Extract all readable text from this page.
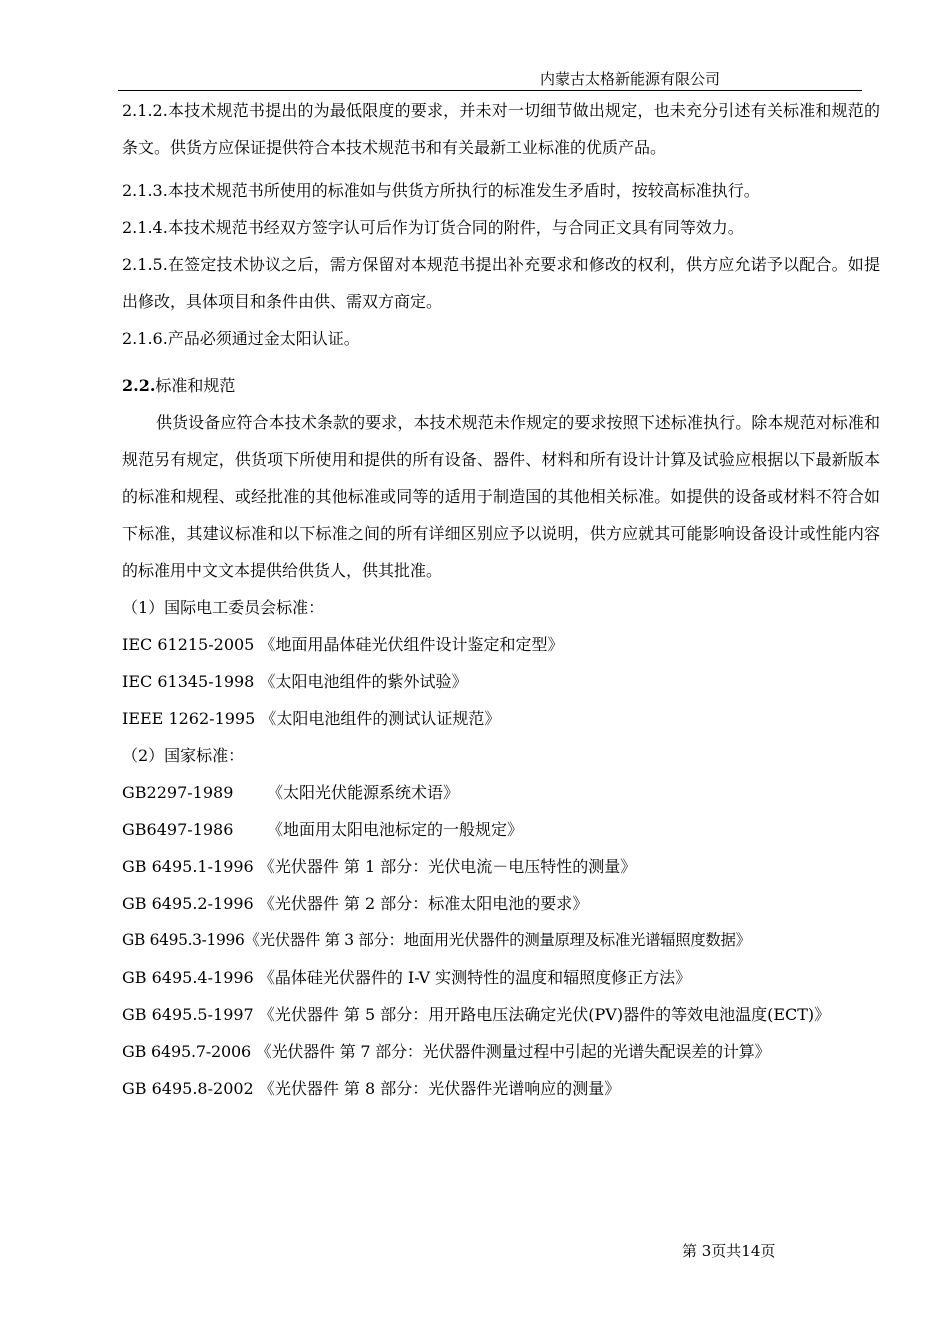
内蒙古太格新能源有限公司

2.1.2.本技术规范书提出的为最低限度的要求，并未对一切细节做出规定，也未充分引述有关标准和规范的条文。供货方应保证提供符合本技术规范书和有关最新工业标准的优质产品。

2.1.3.本技术规范书所使用的标准如与供货方所执行的标准发生矛盾时，按较高标准执行。

2.1.4.本技术规范书经双方签字认可后作为订货合同的附件，与合同正文具有同等效力。

2.1.5.在签定技术协议之后，需方保留对本规范书提出补充要求和修改的权利，供方应允诺予以配合。如提出修改，具体项目和条件由供、需双方商定。

2.1.6.产品必须通过金太阳认证。

2.2.标准和规范

供货设备应符合本技术条款的要求，本技术规范未作规定的要求按照下述标准执行。除本规范对标准和规范另有规定，供货项下所使用和提供的所有设备、器件、材料和所有设计计算及试验应根据以下最新版本的标准和规程、或经批准的其他标准或同等的适用于制造国的其他相关标准。如提供的设备或材料不符合如下标准，其建议标准和以下标准之间的所有详细区别应予以说明，供方应就其可能影响设备设计或性能内容的标准用中文文本提供给供货人，供其批准。

（1）国际电工委员会标准：

IEC 61215-2005 《地面用晶体硅光伏组件设计鉴定和定型》

IEC 61345-1998 《太阳电池组件的紫外试验》

IEEE 1262-1995 《太阳电池组件的测试认证规范》

（2）国家标准：

GB2297-1989 《太阳光伏能源系统术语》

GB6497-1986 《地面用太阳电池标定的一般规定》

GB 6495.1-1996 《光伏器件 第 1 部分：光伏电流－电压特性的测量》

GB 6495.2-1996 《光伏器件 第 2 部分：标准太阳电池的要求》

GB 6495.3-1996《光伏器件 第 3 部分：地面用光伏器件的测量原理及标准光谱辐照度数据》

GB 6495.4-1996 《晶体硅光伏器件的 I-V 实测特性的温度和辐照度修正方法》

GB 6495.5-1997 《光伏器件 第 5 部分：用开路电压法确定光伏(PV)器件的等效电池温度(ECT)》

GB 6495.7-2006 《光伏器件 第 7 部分：光伏器件测量过程中引起的光谱失配误差的计算》

GB 6495.8-2002 《光伏器件 第 8 部分：光伏器件光谱响应的测量》

第 3页共14页
